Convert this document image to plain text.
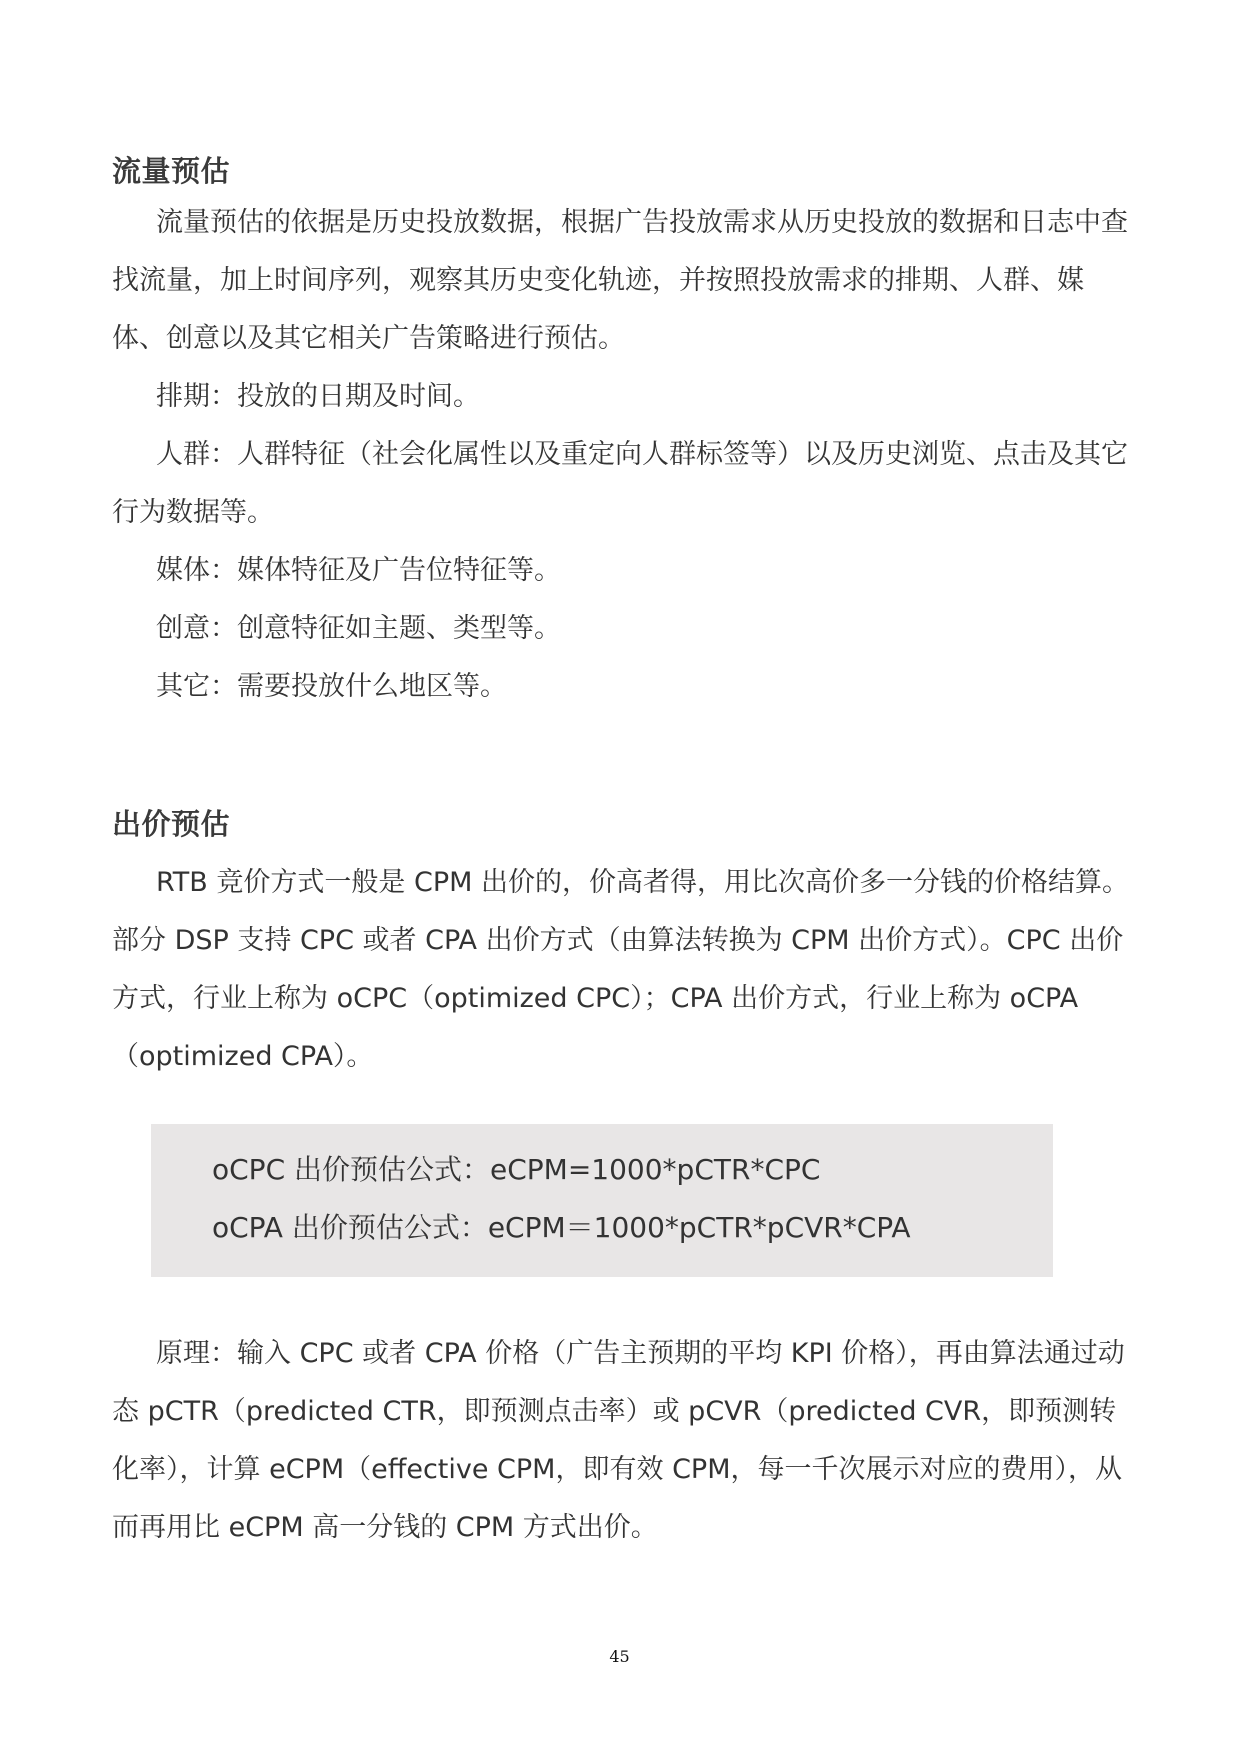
流量预估

流量预估的依据是历史投放数据，根据广告投放需求从历史投放的数据和日志中查找流量，加上时间序列，观察其历史变化轨迹，并按照投放需求的排期、人群、媒体、创意以及其它相关广告策略进行预估。

排期：投放的日期及时间。

人群：人群特征（社会化属性以及重定向人群标签等）以及历史浏览、点击及其它行为数据等。

媒体：媒体特征及广告位特征等。

创意：创意特征如主题、类型等。

其它：需要投放什么地区等。

出价预估

RTB 竞价方式一般是 CPM 出价的，价高者得，用比次高价多一分钱的价格结算。部分 DSP 支持 CPC 或者 CPA 出价方式（由算法转换为 CPM 出价方式）。CPC 出价方式，行业上称为 oCPC（optimized CPC）；CPA 出价方式，行业上称为 oCPA（optimized CPA）。

oCPC 出价预估公式：eCPM=1000*pCTR*CPC

oCPA 出价预估公式：eCPM＝1000*pCTR*pCVR*CPA

原理：输入 CPC 或者 CPA 价格（广告主预期的平均 KPI 价格），再由算法通过动态 pCTR（predicted CTR，即预测点击率）或 pCVR（predicted CVR，即预测转化率），计算 eCPM（effective CPM，即有效 CPM，每一千次展示对应的费用），从而再用比 eCPM 高一分钱的 CPM 方式出价。

45
